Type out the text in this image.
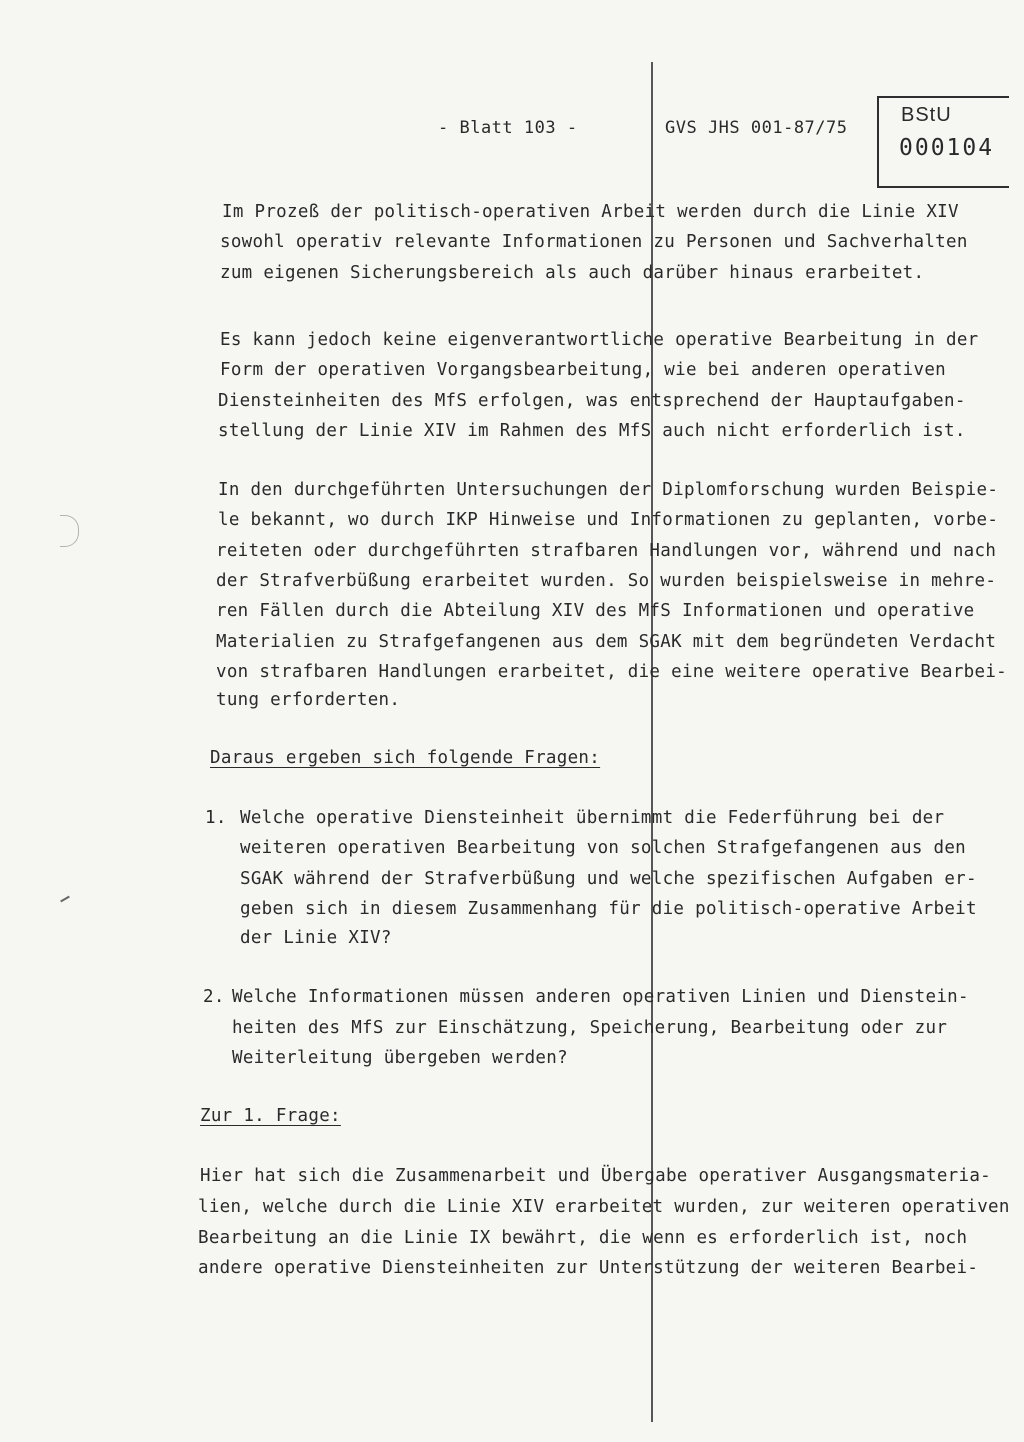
BStU
000104
- Blatt 103 -	GVS JHS 001-87/75
Im Prozeß der politisch-operativen Arbeit werden durch die Linie XIV
sowohl operativ relevante Informationen zu Personen und Sachverhalten
zum eigenen Sicherungsbereich als auch darüber hinaus erarbeitet.
Es kann jedoch keine eigenverantwortliche operative Bearbeitung in der
Form der operativen Vorgangsbearbeitung, wie bei anderen operativen
Diensteinheiten des MfS erfolgen, was entsprechend der Hauptaufgaben-
stellung der Linie XIV im Rahmen des MfS auch nicht erforderlich ist.
In den durchgeführten Untersuchungen der Diplomforschung wurden Beispie-
le bekannt, wo durch IKP Hinweise und Informationen zu geplanten, vorbe-
reiteten oder durchgeführten strafbaren Handlungen vor, während und nach
der Strafverbüßung erarbeitet wurden. So wurden beispielsweise in mehre-
ren Fällen durch die Abteilung XIV des MfS Informationen und operative
Materialien zu Strafgefangenen aus dem SGAK mit dem begründeten Verdacht
von strafbaren Handlungen erarbeitet, die eine weitere operative Bearbei-
tung erforderten.
Daraus ergeben sich folgende Fragen:
1. Welche operative Diensteinheit übernimmt die Federführung bei der
weiteren operativen Bearbeitung von solchen Strafgefangenen aus den
SGAK während der Strafverbüßung und welche spezifischen Aufgaben er-
geben sich in diesem Zusammenhang für die politisch-operative Arbeit
der Linie XIV?
2. Welche Informationen müssen anderen operativen Linien und Dienstein-
heiten des MfS zur Einschätzung, Speicherung, Bearbeitung oder zur
Weiterleitung übergeben werden?
Zur 1. Frage:
Hier hat sich die Zusammenarbeit und Übergabe operativer Ausgangsmateria-
lien, welche durch die Linie XIV erarbeitet wurden, zur weiteren operativen
Bearbeitung an die Linie IX bewährt, die wenn es erforderlich ist, noch
andere operative Diensteinheiten zur Unterstützung der weiteren Bearbei-
